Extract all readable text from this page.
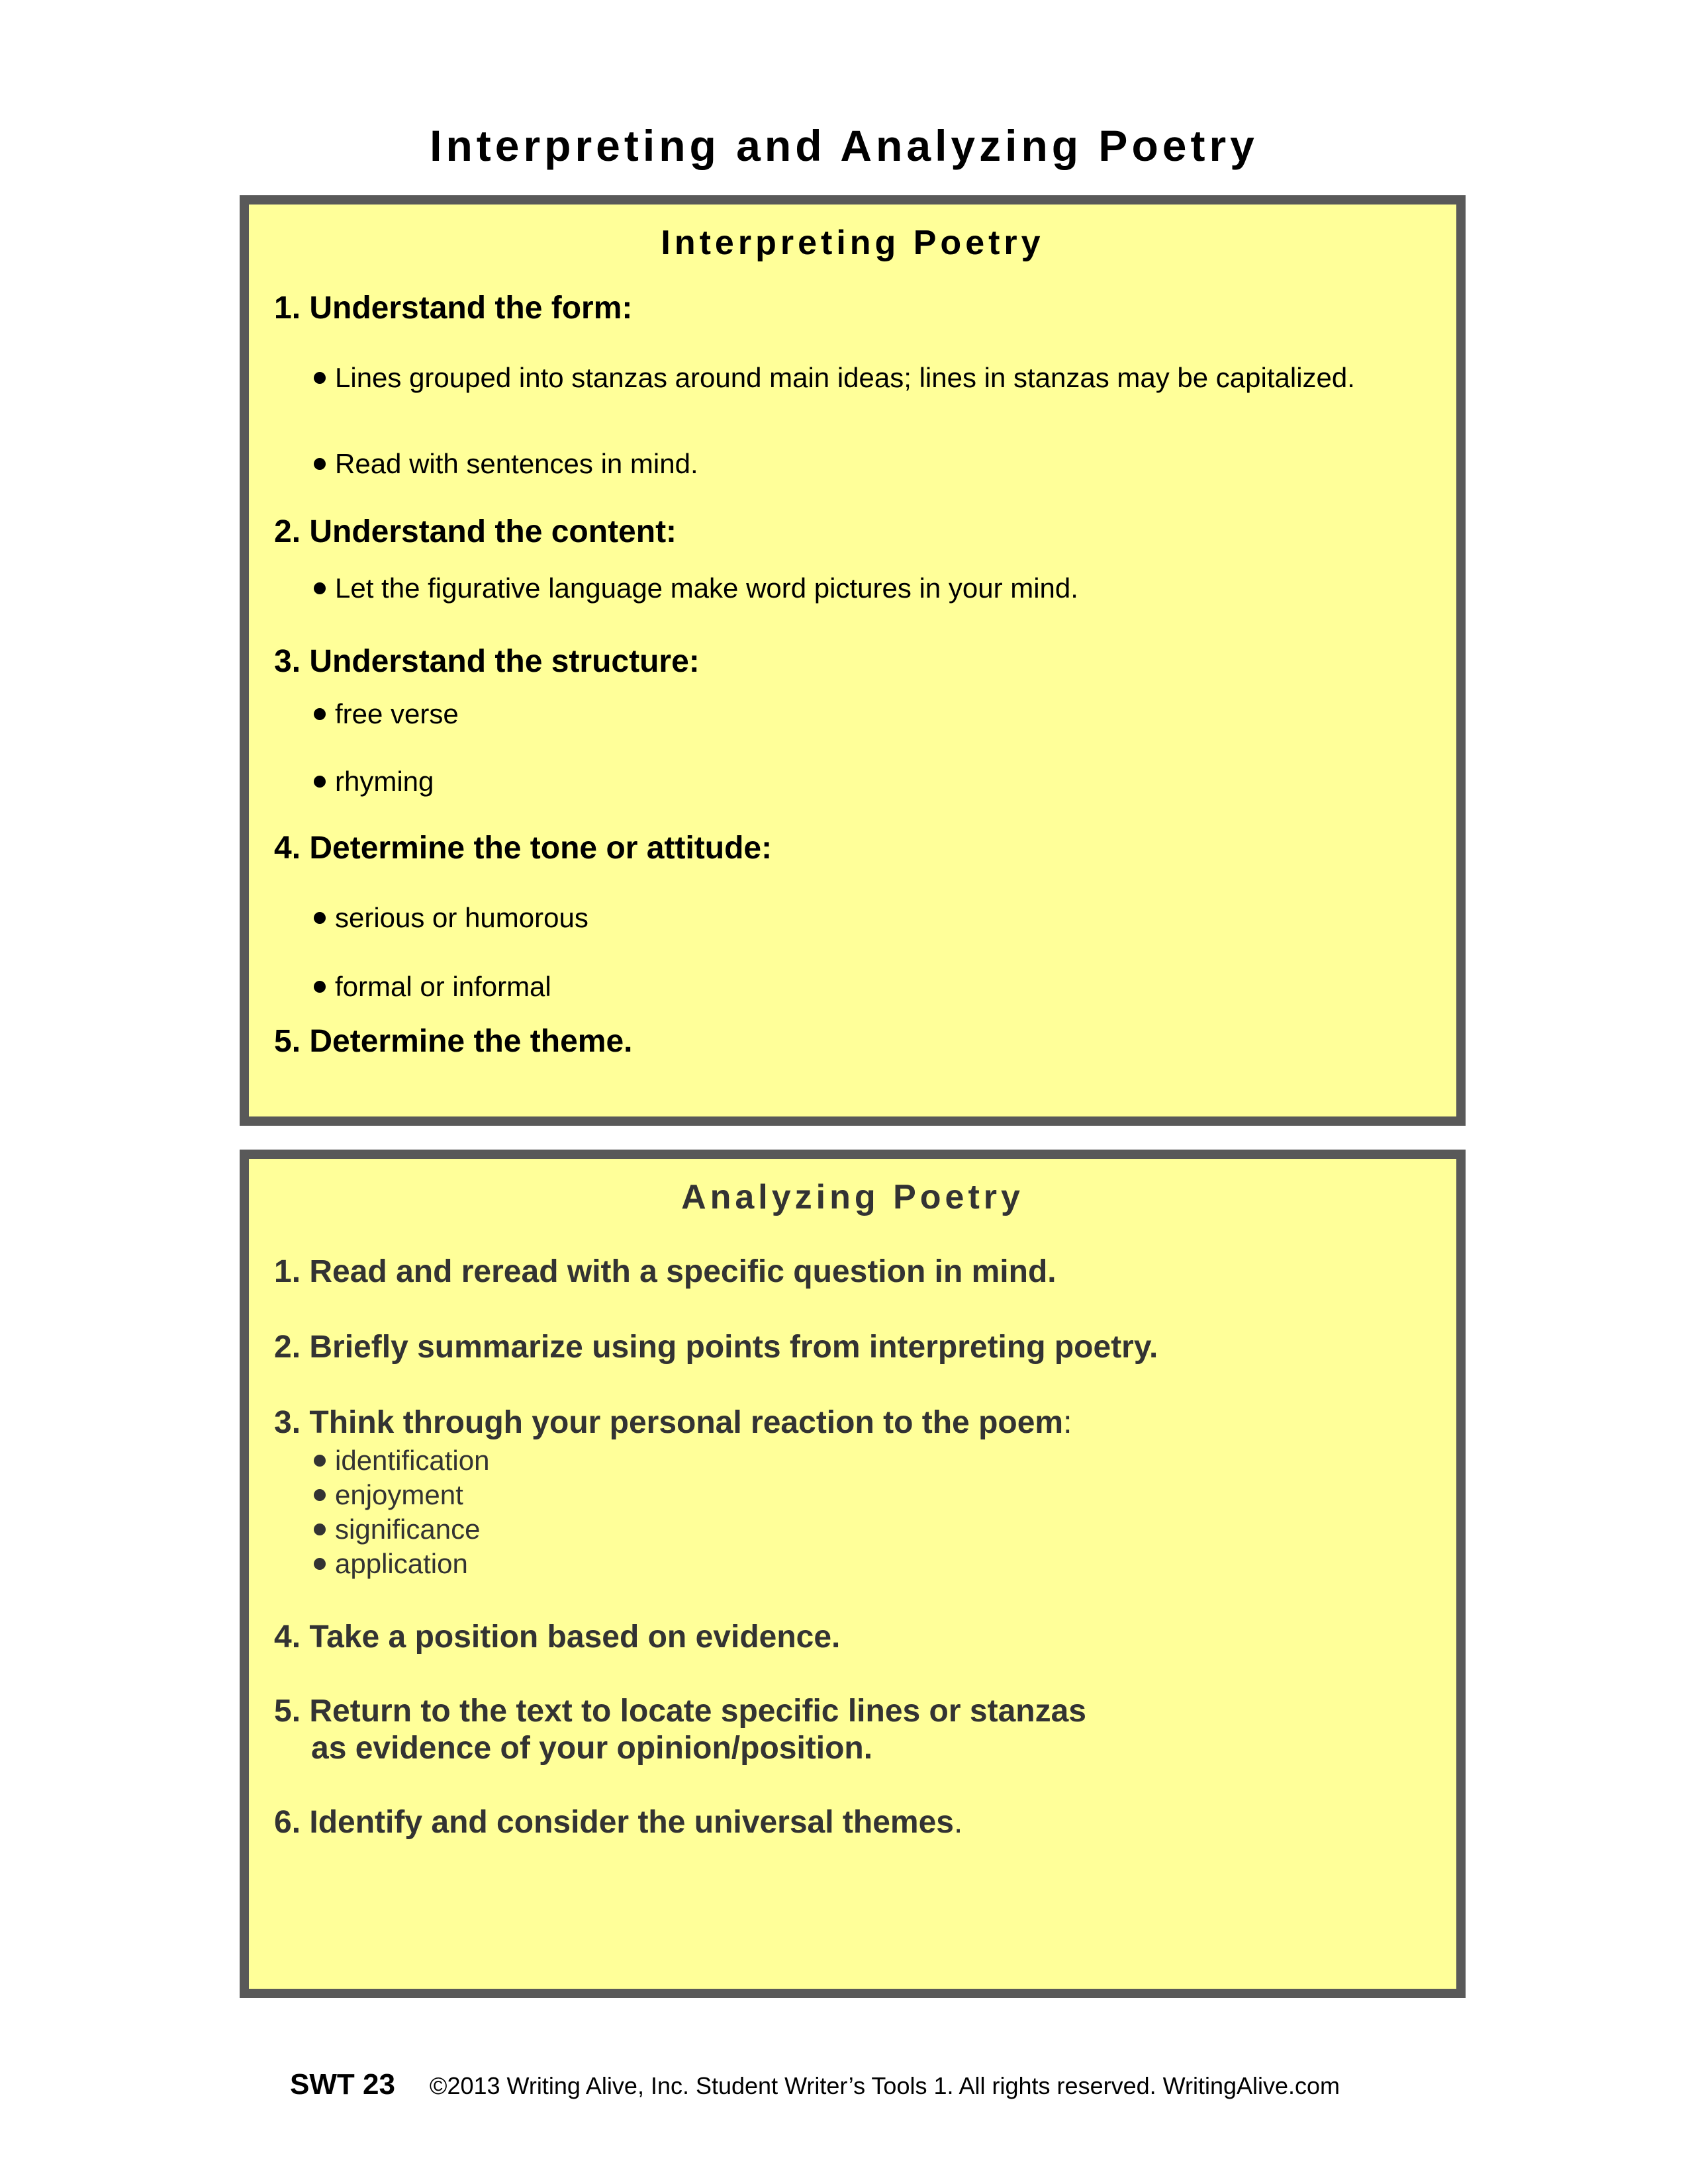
Interpreting and Analyzing Poetry
Interpreting Poetry

1. Understand the form:

Lines grouped into stanzas around main ideas; lines in stanzas may be capitalized.

Read with sentences in mind.

2. Understand the content:

Let the figurative language make word pictures in your mind.

3. Understand the structure:

free verse

rhyming

4. Determine the tone or attitude:

serious or humorous

formal or informal

5. Determine the theme.

Analyzing Poetry

1. Read and reread with a specific question in mind.

2. Briefly summarize using points from interpreting poetry.

3. Think through your personal reaction to the poem:

identification

enjoyment

significance

application

4. Take a position based on evidence.

5. Return to the text to locate specific lines or stanzas

as evidence of your opinion/position.

6. Identify and consider the universal themes.

SWT 23 ©2013 Writing Alive, Inc. Student Writer’s Tools 1. All rights reserved. WritingAlive.com
